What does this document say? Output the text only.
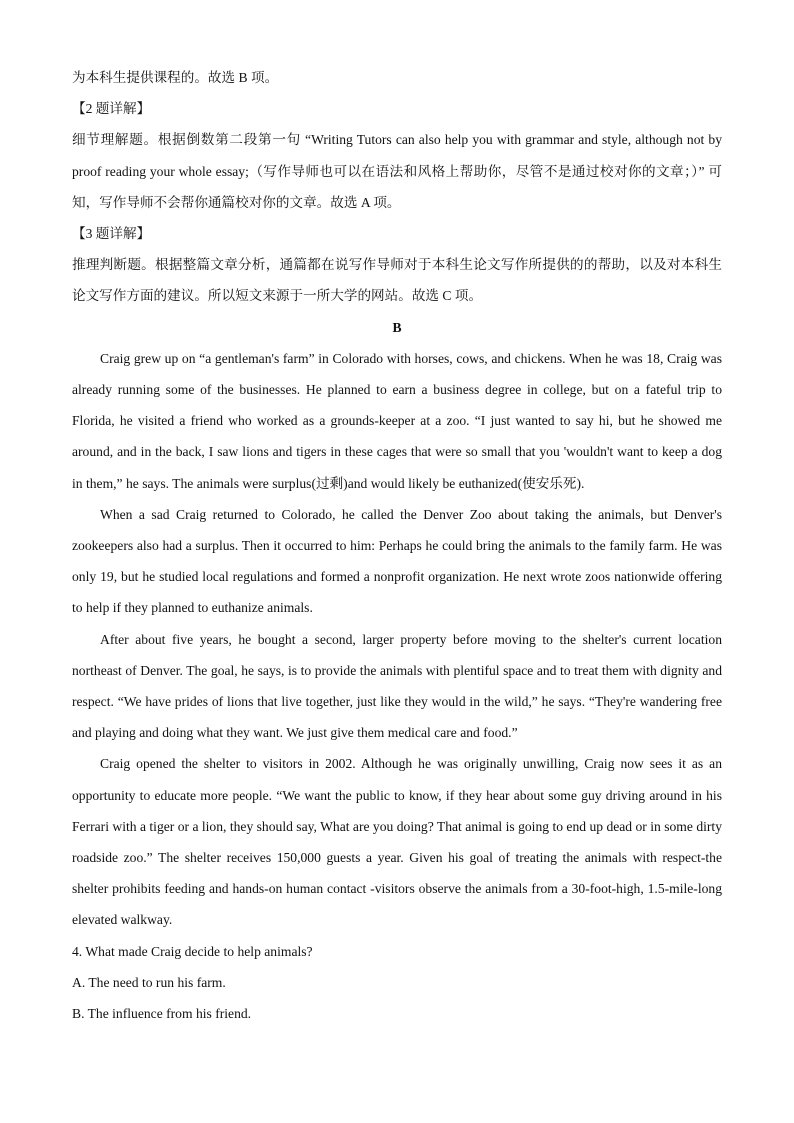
为本科生提供课程的。故选 B 项。

【2 题详解】

细节理解题。根据倒数第二段第一句 “Writing Tutors can also help you with grammar and style, although not by proof reading your whole essay;（写作导师也可以在语法和风格上帮助你，尽管不是通过校对你的文章；）” 可知，写作导师不会帮你通篇校对你的文章。故选 A 项。

【3 题详解】

推理判断题。根据整篇文章分析，通篇都在说写作导师对于本科生论文写作所提供的的帮助，以及对本科生论文写作方面的建议。所以短文来源于一所大学的网站。故选 C 项。

B

Craig grew up on “a gentleman's farm” in Colorado with horses, cows, and chickens. When he was 18, Craig was already running some of the businesses. He planned to earn a business degree in college, but on a fateful trip to Florida, he visited a friend who worked as a grounds-keeper at a zoo. “I just wanted to say hi, but he showed me around, and in the back, I saw lions and tigers in these cages that were so small that you 'wouldn't want to keep a dog in them,” he says. The animals were surplus(过剩)and would likely be euthanized(使安乐死).

When a sad Craig returned to Colorado, he called the Denver Zoo about taking the animals, but Denver's zookeepers also had a surplus. Then it occurred to him: Perhaps he could bring the animals to the family farm. He was only 19, but he studied local regulations and formed a nonprofit organization. He next wrote zoos nationwide offering to help if they planned to euthanize animals.

After about five years, he bought a second, larger property before moving to the shelter's current location northeast of Denver. The goal, he says, is to provide the animals with plentiful space and to treat them with dignity and respect. “We have prides of lions that live together, just like they would in the wild,” he says. “They're wandering free and playing and doing what they want. We just give them medical care and food.”

Craig opened the shelter to visitors in 2002. Although he was originally unwilling, Craig now sees it as an opportunity to educate more people. “We want the public to know, if they hear about some guy driving around in his Ferrari with a tiger or a lion, they should say, What are you doing? That animal is going to end up dead or in some dirty roadside zoo.” The shelter receives 150,000 guests a year. Given his goal of treating the animals with respect-the shelter prohibits feeding and hands-on human contact -visitors observe the animals from a 30-foot-high, 1.5-mile-long elevated walkway.

4. What made Craig decide to help animals?

A. The need to run his farm.

B. The influence from his friend.
